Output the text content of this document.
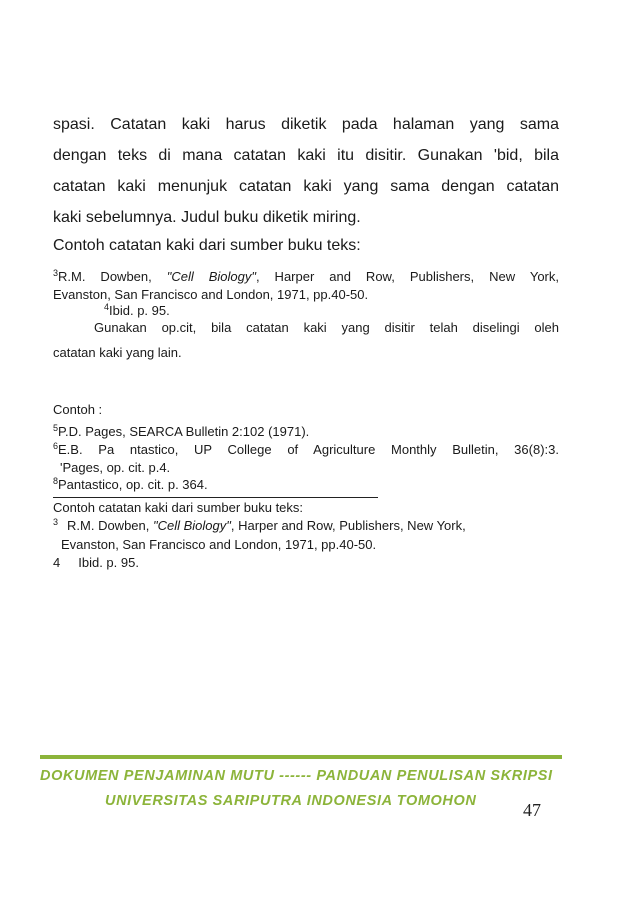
spasi. Catatan kaki harus diketik pada halaman yang sama

dengan teks di mana catatan kaki itu disitir. Gunakan 'bid, bila

catatan kaki menunjuk catatan kaki yang sama dengan catatan

kaki sebelumnya. Judul buku diketik miring.

Contoh catatan kaki dari sumber buku teks:

$^3$R.M. Dowben, "Cell Biology", Harper and Row, Publishers, New York,

Evanston, San Francisco and London, 1971, pp.40-50.

$^4$Ibid. p. 95.

Gunakan op.cit, bila catatan kaki yang disitir telah diselingi oleh

catatan kaki yang lain.

Contoh :

$^5$P.D. Pages, SEARCA Bulletin 2:102 (1971).

$^6$E.B. Pa ntastico, UP College of Agriculture Monthly Bulletin, 36(8):3.

'Pages, op. cit. p.4.

$^8$Pantastico, op. cit. p. 364.

Contoh catatan kaki dari sumber buku teks:

$^3$ R.M. Dowben, "Cell Biology", Harper and Row, Publishers, New York,

Evanston, San Francisco and London, 1971, pp.40-50.

4 Ibid. p. 95.

DOKUMEN PENJAMINAN MUTU ------ PANDUAN PENULISAN SKRIPSI
UNIVERSITAS SARIPUTRA INDONESIA TOMOHON	47
